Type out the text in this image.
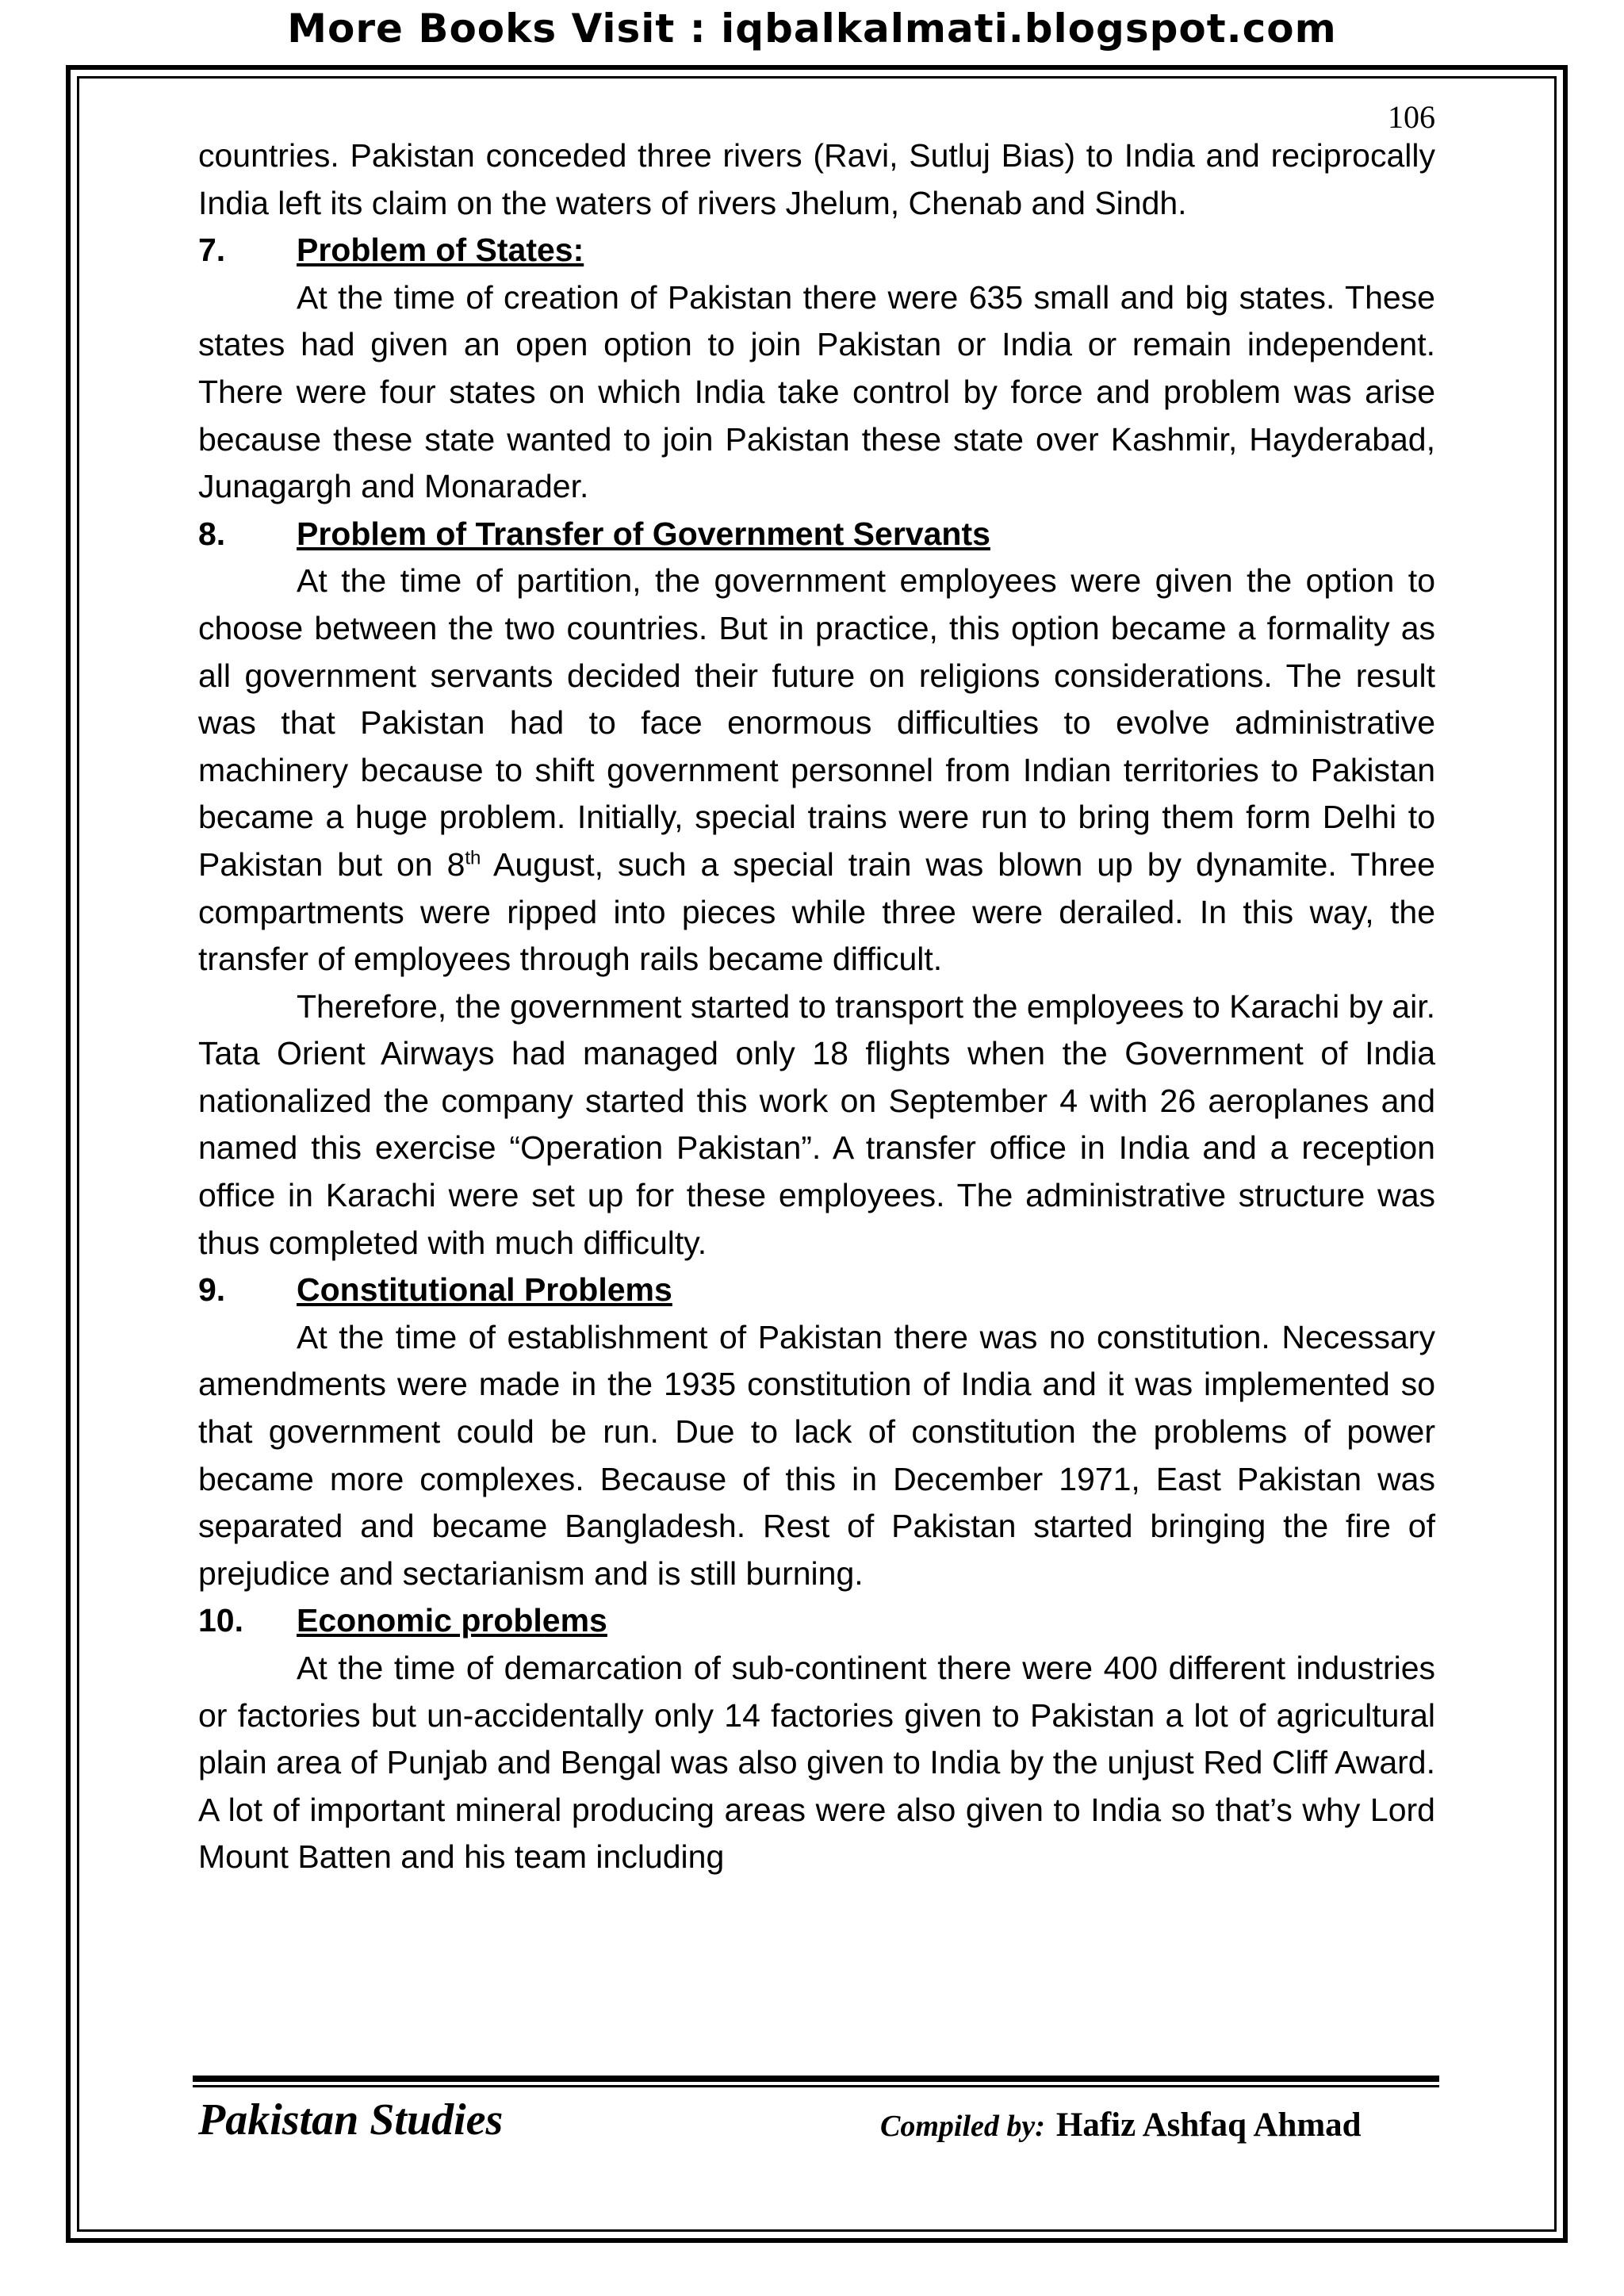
More Books Visit : iqbalkalmati.blogspot.com
106

countries. Pakistan conceded three rivers (Ravi, Sutluj Bias) to India and reciprocally India left its claim on the waters of rivers Jhelum, Chenab and Sindh.

7.	Problem of States:

At the time of creation of Pakistan there were 635 small and big states. These states had given an open option to join Pakistan or India or remain independent. There were four states on which India take control by force and problem was arise because these state wanted to join Pakistan these state over Kashmir, Hayderabad, Junagargh and Monarader.

8.	Problem of Transfer of Government Servants

At the time of partition, the government employees were given the option to choose between the two countries. But in practice, this option became a formality as all government servants decided their future on religions considerations. The result was that Pakistan had to face enormous difficulties to evolve administrative machinery because to shift government personnel from Indian territories to Pakistan became a huge problem. Initially, special trains were run to bring them form Delhi to Pakistan but on 8th August, such a special train was blown up by dynamite. Three compartments were ripped into pieces while three were derailed. In this way, the transfer of employees through rails became difficult.

Therefore, the government started to transport the employees to Karachi by air. Tata Orient Airways had managed only 18 flights when the Government of India nationalized the company started this work on September 4 with 26 aeroplanes and named this exercise “Operation Pakistan”. A transfer office in India and a reception office in Karachi were set up for these employees. The administrative structure was thus completed with much difficulty.

9.	Constitutional Problems

At the time of establishment of Pakistan there was no constitution. Necessary amendments were made in the 1935 constitution of India and it was implemented so that government could be run. Due to lack of constitution the problems of power became more complexes. Because of this in December 1971, East Pakistan was separated and became Bangladesh. Rest of Pakistan started bringing the fire of prejudice and sectarianism and is still burning.

10.	Economic problems

At the time of demarcation of sub-continent there were 400 different industries or factories but un-accidentally only 14 factories given to Pakistan a lot of agricultural plain area of Punjab and Bengal was also given to India by the unjust Red Cliff Award. A lot of important mineral producing areas were also given to India so that’s why Lord Mount Batten and his team including

Pakistan Studies	Compiled by: Hafiz Ashfaq Ahmad
